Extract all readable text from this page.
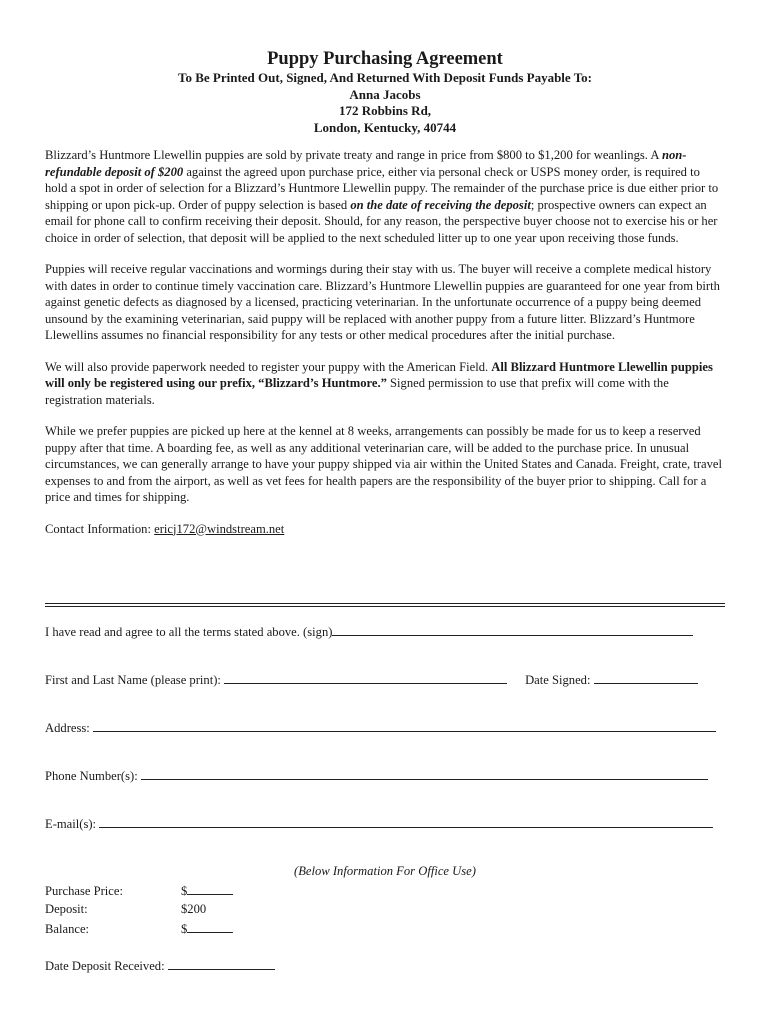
Puppy Purchasing Agreement

To Be Printed Out, Signed, And Returned With Deposit Funds Payable To:

Anna Jacobs

172 Robbins Rd,

London, Kentucky, 40744

Blizzard’s Huntmore Llewellin puppies are sold by private treaty and range in price from $800 to $1,200 for weanlings. A non-refundable deposit of $200 against the agreed upon purchase price, either via personal check or USPS money order, is required to hold a spot in order of selection for a Blizzard’s Huntmore Llewellin puppy. The remainder of the purchase price is due either prior to shipping or upon pick-up. Order of puppy selection is based on the date of receiving the deposit; prospective owners can expect an email for phone call to confirm receiving their deposit. Should, for any reason, the perspective buyer choose not to exercise his or her choice in order of selection, that deposit will be applied to the next scheduled litter up to one year upon receiving those funds.

Puppies will receive regular vaccinations and wormings during their stay with us. The buyer will receive a complete medical history with dates in order to continue timely vaccination care. Blizzard’s Huntmore Llewellin puppies are guaranteed for one year from birth against genetic defects as diagnosed by a licensed, practicing veterinarian. In the unfortunate occurrence of a puppy being deemed unsound by the examining veterinarian, said puppy will be replaced with another puppy from a future litter. Blizzard’s Huntmore Llewellins assumes no financial responsibility for any tests or other medical procedures after the initial purchase.

We will also provide paperwork needed to register your puppy with the American Field. All Blizzard Huntmore Llewellin puppies will only be registered using our prefix, “Blizzard’s Huntmore.” Signed permission to use that prefix will come with the registration materials.

While we prefer puppies are picked up here at the kennel at 8 weeks, arrangements can possibly be made for us to keep a reserved puppy after that time. A boarding fee, as well as any additional veterinarian care, will be added to the purchase price. In unusual circumstances, we can generally arrange to have your puppy shipped via air within the United States and Canada. Freight, crate, travel expenses to and from the airport, as well as vet fees for health papers are the responsibility of the buyer prior to shipping. Call for a price and times for shipping.

Contact Information: ericj172@windstream.net

I have read and agree to all the terms stated above. (sign)
First and Last Name (please print):	Date Signed:
Address:
Phone Number(s):
E-mail(s):
(Below Information For Office Use)
Purchase Price:	$
Deposit:	$200
Balance:	$
Date Deposit Received:
